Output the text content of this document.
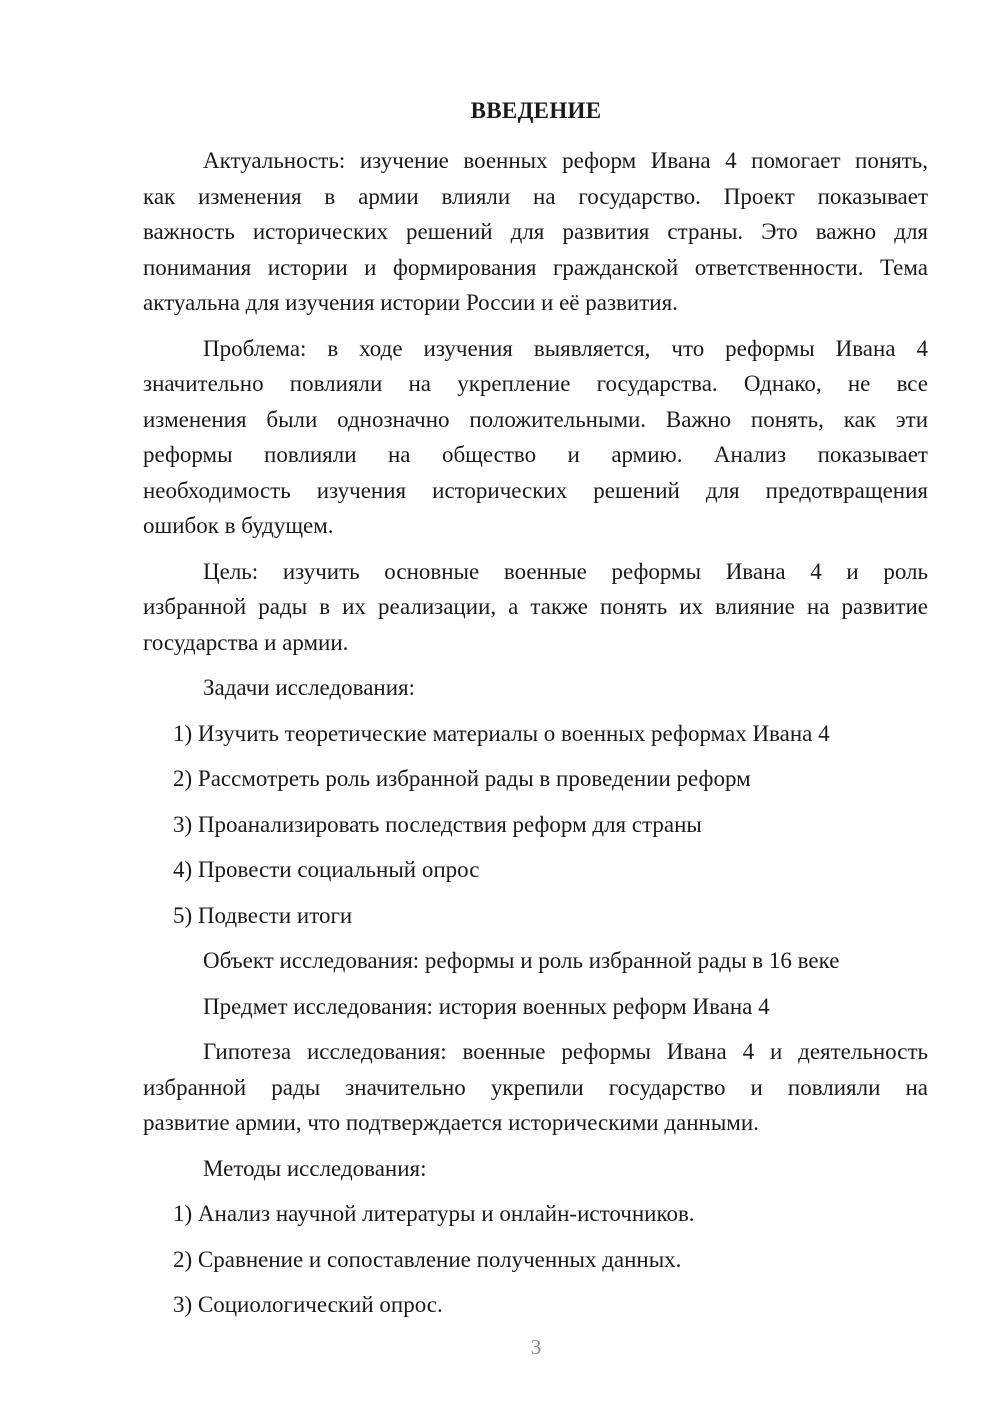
ВВЕДЕНИЕ
Актуальность: изучение военных реформ Ивана 4 помогает понять,
как изменения в армии влияли на государство. Проект показывает
важность исторических решений для развития страны. Это важно для
понимания истории и формирования гражданской ответственности. Тема
актуальна для изучения истории России и её развития.
Проблема: в ходе изучения выявляется, что реформы Ивана 4
значительно повлияли на укрепление государства. Однако, не все
изменения были однозначно положительными. Важно понять, как эти
реформы повлияли на общество и армию. Анализ показывает
необходимость изучения исторических решений для предотвращения
ошибок в будущем.
Цель: изучить основные военные реформы Ивана 4 и роль
избранной рады в их реализации, а также понять их влияние на развитие
государства и армии.
Задачи исследования:
1) Изучить теоретические материалы о военных реформах Ивана 4
2) Рассмотреть роль избранной рады в проведении реформ
3) Проанализировать последствия реформ для страны
4) Провести социальный опрос
5) Подвести итоги
Объект исследования: реформы и роль избранной рады в 16 веке
Предмет исследования: история военных реформ Ивана 4
Гипотеза исследования: военные реформы Ивана 4 и деятельность
избранной рады значительно укрепили государство и повлияли на
развитие армии, что подтверждается историческими данными.
Методы исследования:
1) Анализ научной литературы и онлайн-источников.
2) Сравнение и сопоставление полученных данных.
3) Социологический опрос.
3
